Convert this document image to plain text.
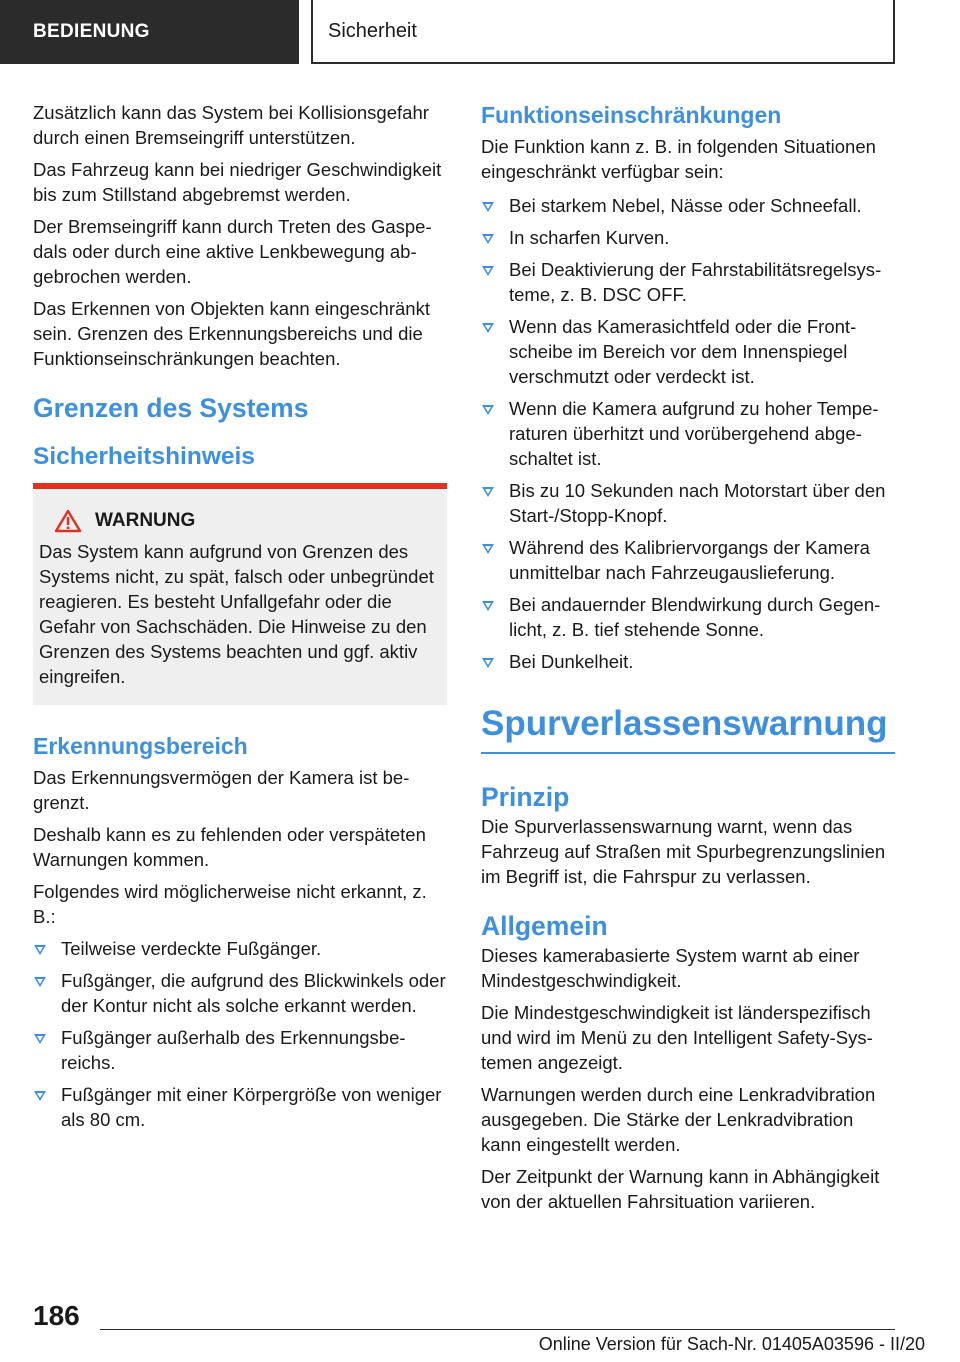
BEDIENUNG	Sicherheit

Zusätzlich kann das System bei Kollisionsgefahr durch einen Bremseingriff unterstützen.

Das Fahrzeug kann bei niedriger Geschwindigkeit bis zum Stillstand abgebremst werden.

Der Bremseingriff kann durch Treten des Gaspedals oder durch eine aktive Lenkbewegung abgebrochen werden.

Das Erkennen von Objekten kann eingeschränkt sein. Grenzen des Erkennungsbereichs und die Funktionseinschränkungen beachten.

Grenzen des Systems
Sicherheitshinweis
WARNUNG

Das System kann aufgrund von Grenzen des Systems nicht, zu spät, falsch oder unbegründet reagieren. Es besteht Unfallgefahr oder die Gefahr von Sachschäden. Die Hinweise zu den Grenzen des Systems beachten und ggf. aktiv eingreifen.

Erkennungsbereich

Das Erkennungsvermögen der Kamera ist begrenzt.

Deshalb kann es zu fehlenden oder verspäteten Warnungen kommen.

Folgendes wird möglicherweise nicht erkannt, z. B.:

Teilweise verdeckte Fußgänger.
Fußgänger, die aufgrund des Blickwinkels oder der Kontur nicht als solche erkannt werden.
Fußgänger außerhalb des Erkennungsbereichs.
Fußgänger mit einer Körpergröße von weniger als 80 cm.
Funktionseinschränkungen

Die Funktion kann z. B. in folgenden Situationen eingeschränkt verfügbar sein:

Bei starkem Nebel, Nässe oder Schneefall.
In scharfen Kurven.
Bei Deaktivierung der Fahrstabilitätsregelsysteme, z. B. DSC OFF.
Wenn das Kamerasichtfeld oder die Frontscheibe im Bereich vor dem Innenspiegel verschmutzt oder verdeckt ist.
Wenn die Kamera aufgrund zu hoher Temperaturen überhitzt und vorübergehend abgeschaltet ist.
Bis zu 10 Sekunden nach Motorstart über den Start-/Stopp-Knopf.
Während des Kalibriervorgangs der Kamera unmittelbar nach Fahrzeugauslieferung.
Bei andauernder Blendwirkung durch Gegenlicht, z. B. tief stehende Sonne.
Bei Dunkelheit.
Spurverlassenswarnung
Prinzip

Die Spurverlassenswarnung warnt, wenn das Fahrzeug auf Straßen mit Spurbegrenzungslinien im Begriff ist, die Fahrspur zu verlassen.

Allgemein

Dieses kamerabasierte System warnt ab einer Mindestgeschwindigkeit.

Die Mindestgeschwindigkeit ist länderspezifisch und wird im Menü zu den Intelligent Safety-Systemen angezeigt.

Warnungen werden durch eine Lenkradvibration ausgegeben. Die Stärke der Lenkradvibration kann eingestellt werden.

Der Zeitpunkt der Warnung kann in Abhängigkeit von der aktuellen Fahrsituation variieren.

186
Online Version für Sach-Nr. 01405A03596 - II/20
